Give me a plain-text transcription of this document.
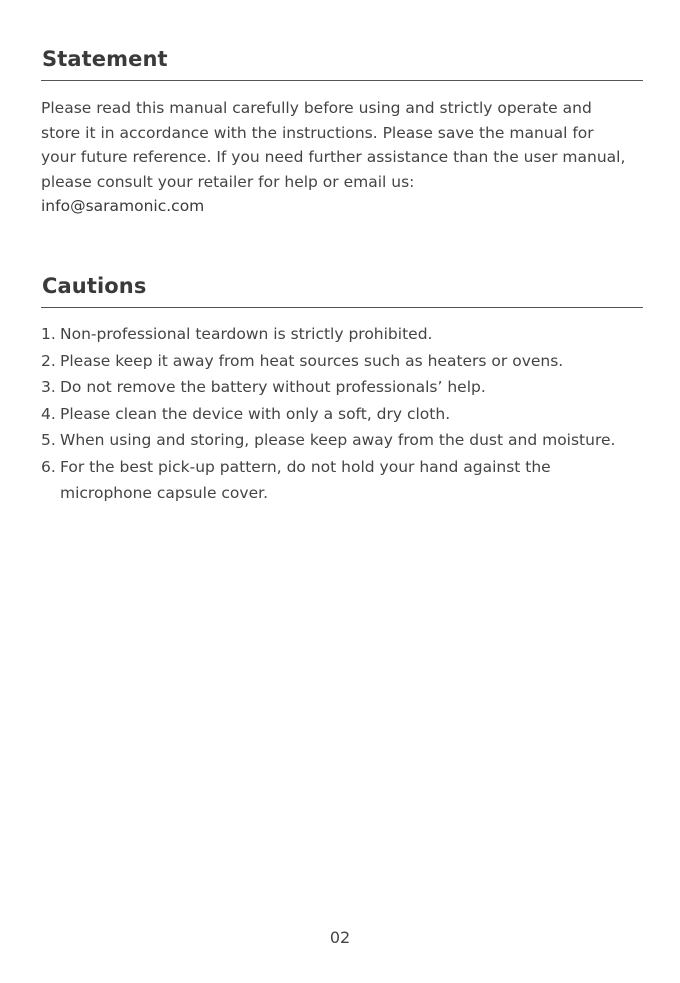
Statement

Please read this manual carefully before using and strictly operate and store it in accordance with the instructions. Please save the manual for your future reference. If you need further assistance than the user manual, please consult your retailer for help or email us:
info@saramonic.com

Cautions
1. Non-professional teardown is strictly prohibited.
2. Please keep it away from heat sources such as heaters or ovens.
3. Do not remove the battery without professionals’ help.
4. Please clean the device with only a soft, dry cloth.
5. When using and storing, please keep away from the dust and moisture.
6. For the best pick-up pattern, do not hold your hand against the microphone capsule cover.
02
